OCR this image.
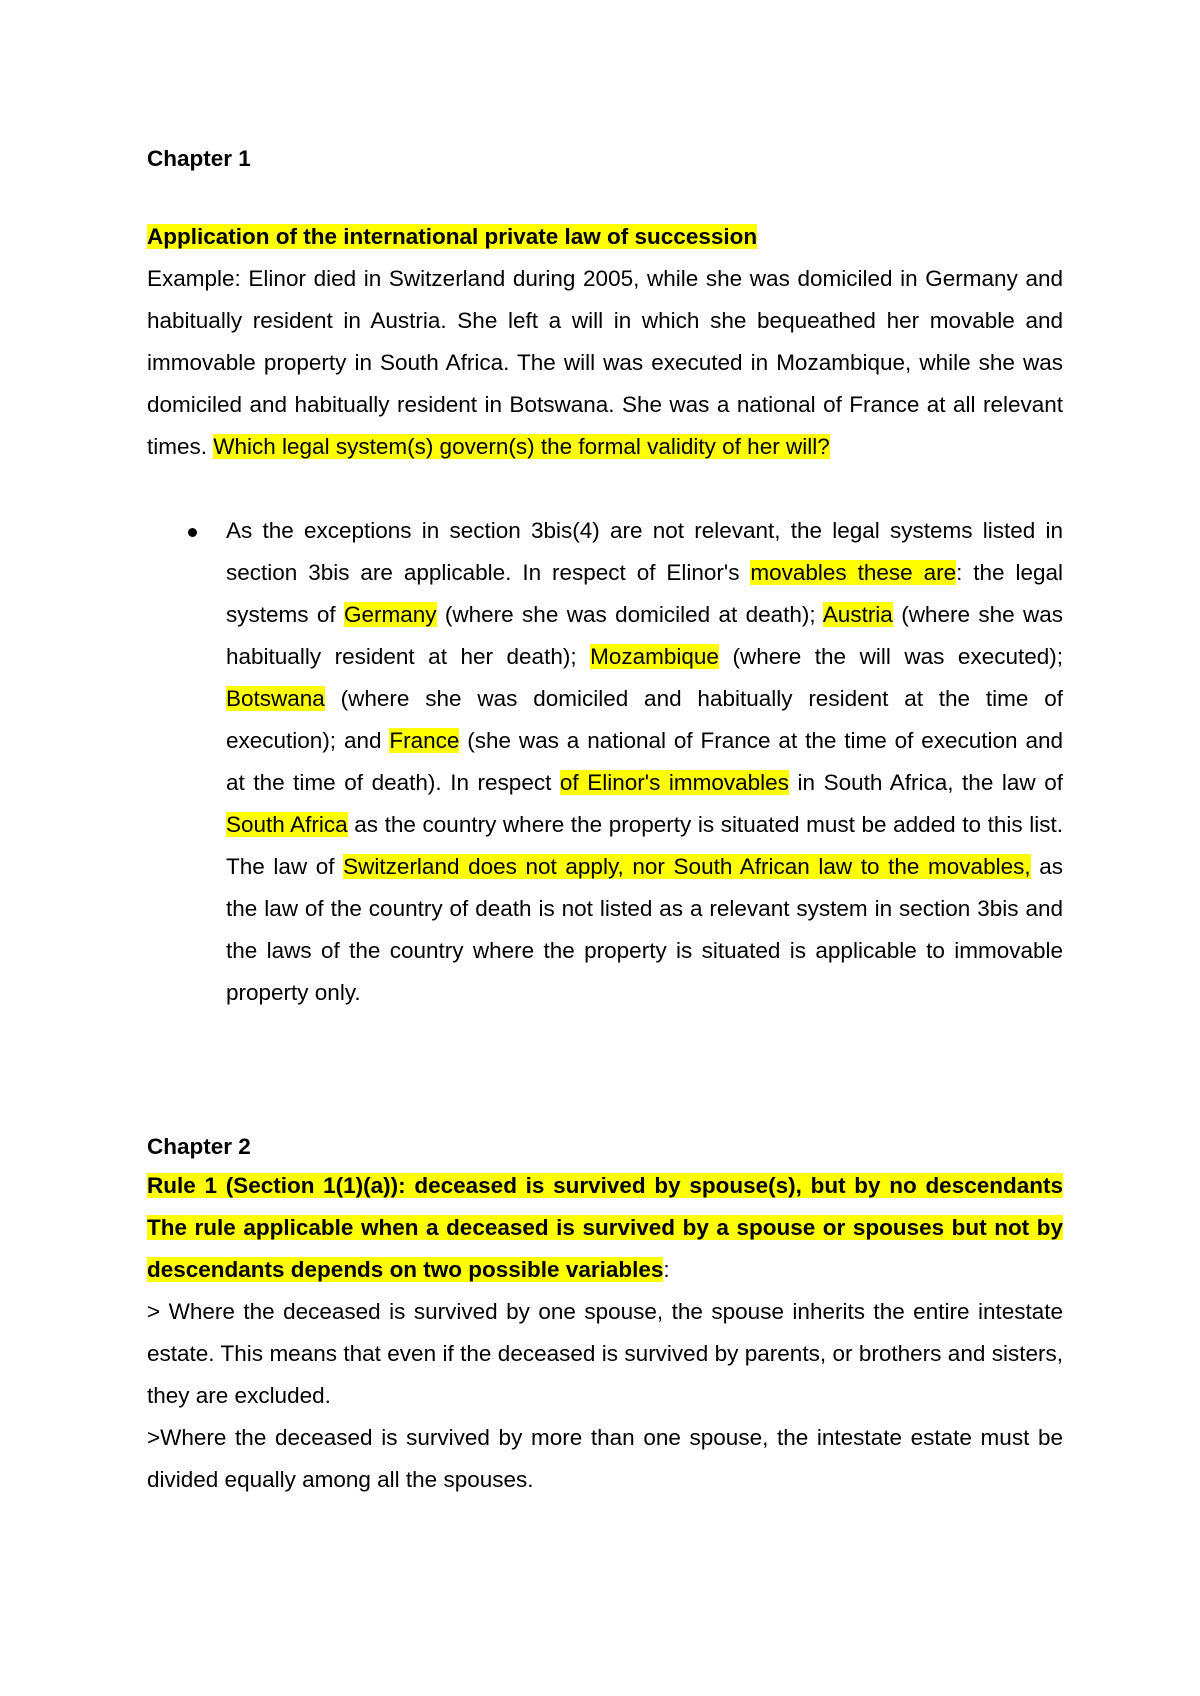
Chapter 1

Application of the international private law of succession

Example: Elinor died in Switzerland during 2005, while she was domiciled in Germany and habitually resident in Austria. She left a will in which she bequeathed her movable and immovable property in South Africa. The will was executed in Mozambique, while she was domiciled and habitually resident in Botswana. She was a national of France at all relevant times. Which legal system(s) govern(s) the formal validity of her will?

As the exceptions in section 3bis(4) are not relevant, the legal systems listed in section 3bis are applicable. In respect of Elinor's movables these are: the legal systems of Germany (where she was domiciled at death); Austria (where she was habitually resident at her death); Mozambique (where the will was executed); Botswana (where she was domiciled and habitually resident at the time of execution); and France (she was a national of France at the time of execution and at the time of death). In respect of Elinor's immovables in South Africa, the law of South Africa as the country where the property is situated must be added to this list. The law of Switzerland does not apply, nor South African law to the movables, as the law of the country of death is not listed as a relevant system in section 3bis and the laws of the country where the property is situated is applicable to immovable property only.

Chapter 2

Rule 1 (Section 1(1)(a)): deceased is survived by spouse(s), but by no descendants The rule applicable when a deceased is survived by a spouse or spouses but not by descendants depends on two possible variables:

> Where the deceased is survived by one spouse, the spouse inherits the entire intestate estate. This means that even if the deceased is survived by parents, or brothers and sisters, they are excluded.

>Where the deceased is survived by more than one spouse, the intestate estate must be divided equally among all the spouses.
